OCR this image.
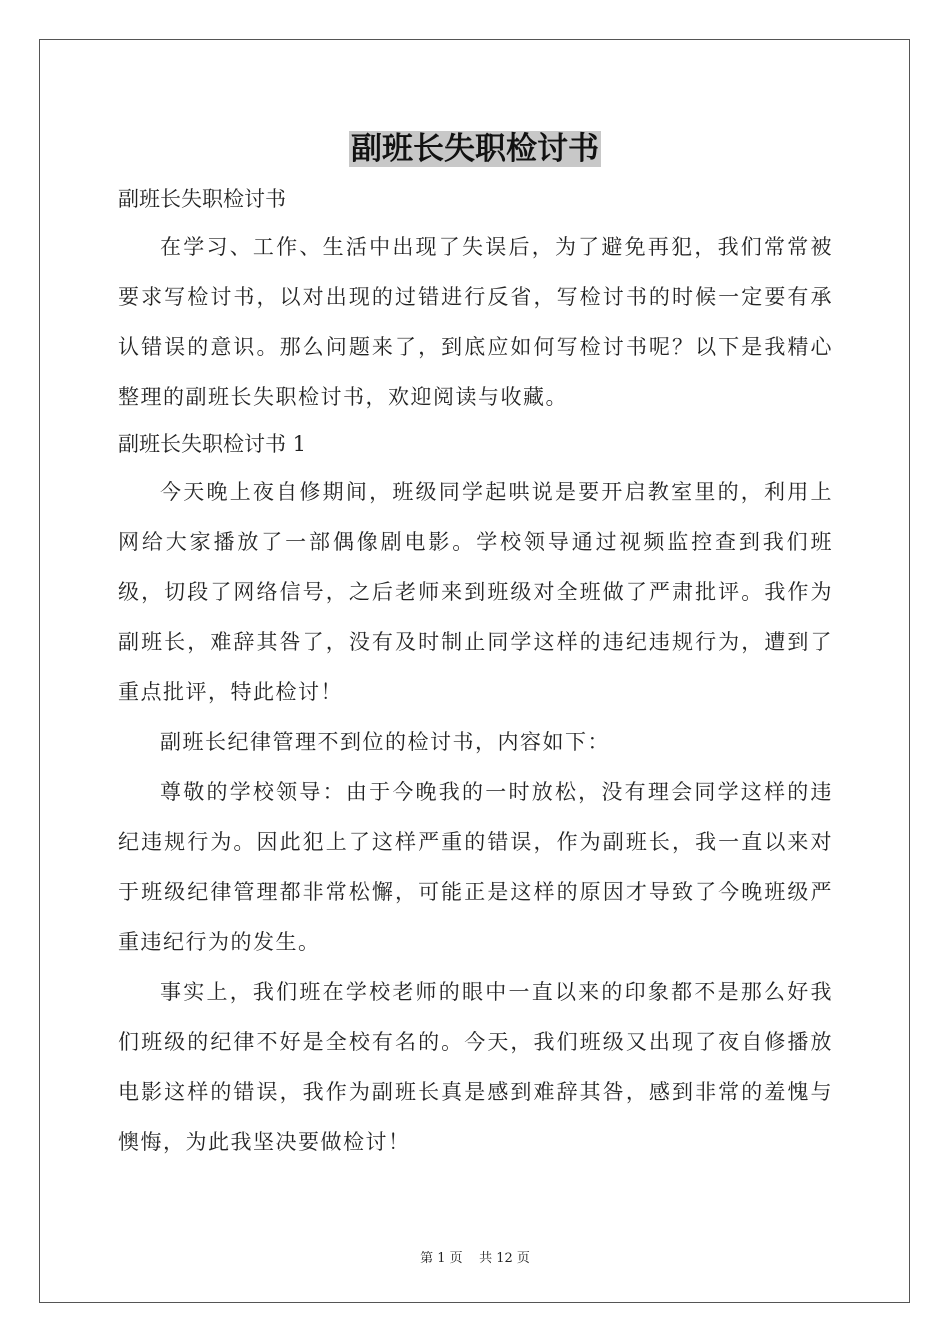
副班长失职检讨书

副班长失职检讨书

在学习、工作、生活中出现了失误后，为了避免再犯，我们常常被要求写检讨书，以对出现的过错进行反省，写检讨书的时候一定要有承认错误的意识。那么问题来了，到底应如何写检讨书呢？以下是我精心整理的副班长失职检讨书，欢迎阅读与收藏。

副班长失职检讨书 1

今天晚上夜自修期间，班级同学起哄说是要开启教室里的，利用上网给大家播放了一部偶像剧电影。学校领导通过视频监控查到我们班级，切段了网络信号，之后老师来到班级对全班做了严肃批评。我作为副班长，难辞其咎了，没有及时制止同学这样的违纪违规行为，遭到了重点批评，特此检讨！

副班长纪律管理不到位的检讨书，内容如下：

尊敬的学校领导：由于今晚我的一时放松，没有理会同学这样的违纪违规行为。因此犯上了这样严重的错误，作为副班长，我一直以来对于班级纪律管理都非常松懈，可能正是这样的原因才导致了今晚班级严重违纪行为的发生。

事实上，我们班在学校老师的眼中一直以来的印象都不是那么好我们班级的纪律不好是全校有名的。今天，我们班级又出现了夜自修播放电影这样的错误，我作为副班长真是感到难辞其咎，感到非常的羞愧与懊悔，为此我坚决要做检讨！

第 1 页    共 12 页
